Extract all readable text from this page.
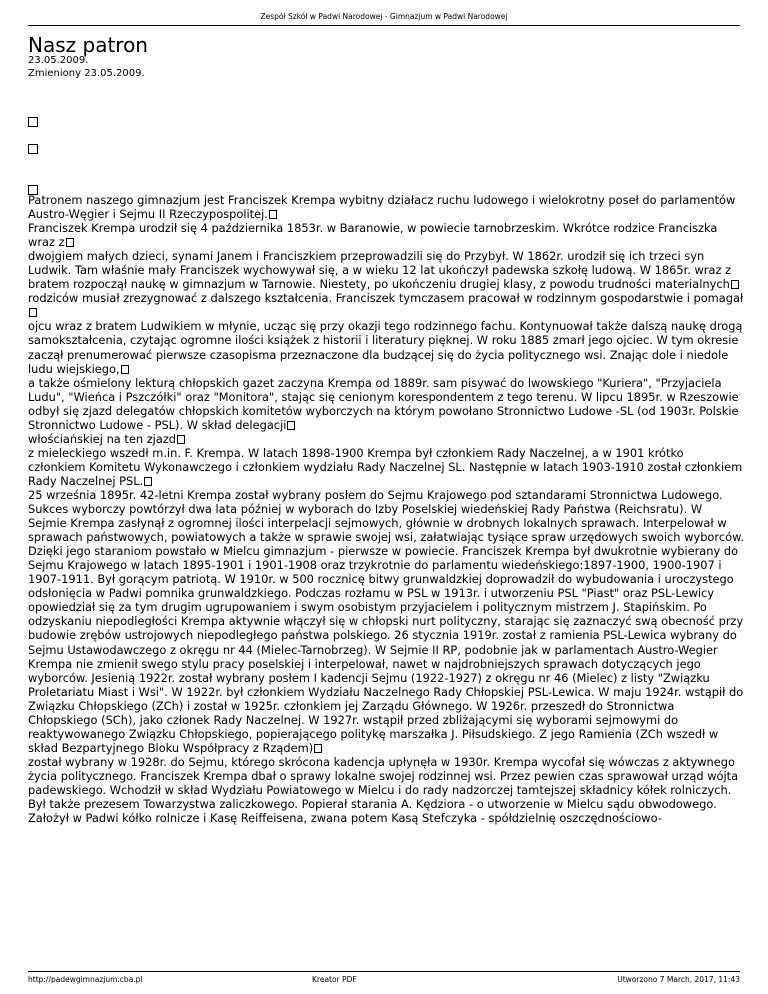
Zespół Szkół w Padwi Narodowej - Gimnazjum w Padwi Narodowej
Nasz patron
23.05.2009.
Zmieniony 23.05.2009.

Patronem naszego gimnazjum jest Franciszek Krempa wybitny działacz ruchu ludowego i wielokrotny poseł do parlamentów Austro-Węgier i Sejmu II Rzeczypospolitej.

Franciszek Krempa urodził się 4 października 1853r. w Baranowie, w powiecie tarnobrzeskim. Wkrótce rodzice Franciszka wraz z

dwojgiem małych dzieci, synami Janem i Franciszkiem przeprowadzili się do Przybył. W 1862r. urodził się ich trzeci syn Ludwik. Tam właśnie mały Franciszek wychowywał się, a w wieku 12 lat ukończył padewska szkołę ludową. W 1865r. wraz z bratem rozpoczął naukę w gimnazjum w Tarnowie. Niestety, po ukończeniu drugiej klasy, z powodu trudności materialnych

rodziców musiał zrezygnować z dalszego kształcenia. Franciszek tymczasem pracował w rodzinnym gospodarstwie i pomagał

ojcu wraz z bratem Ludwikiem w młynie, ucząc się przy okazji tego rodzinnego fachu. Kontynuował także dalszą naukę drogą samokształcenia, czytając ogromne ilości książek z historii i literatury pięknej. W roku 1885 zmarł jego ojciec. W tym okresie zaczął prenumerować pierwsze czasopisma przeznaczone dla budzącej się do życia politycznego wsi. Znając dole i niedole ludu wiejskiego,

a także ośmielony lekturą chłopskich gazet zaczyna Krempa od 1889r. sam pisywać do lwowskiego "Kuriera", "Przyjaciela Ludu", "Wieńca i Pszczółki" oraz "Monitora", stając się cenionym korespondentem z tego terenu. W lipcu 1895r. w Rzeszowie odbył się zjazd delegatów chłopskich komitetów wyborczych na którym powołano Stronnictwo Ludowe -SL (od 1903r. Polskie Stronnictwo Ludowe - PSL). W skład delegacji

włościańskiej na ten zjazd

z mieleckiego wszedł m.in. F. Krempa. W latach 1898-1900 Krempa był członkiem Rady Naczelnej, a w 1901 krótko członkiem Komitetu Wykonawczego i członkiem wydziału Rady Naczelnej SL. Następnie w latach 1903-1910 został członkiem Rady Naczelnej PSL.

25 września 1895r. 42-letni Krempa został wybrany posłem do Sejmu Krajowego pod sztandarami Stronnictwa Ludowego. Sukces wyborczy powtórzył dwa lata później w wyborach do Izby Poselskiej wiedeńskiej Rady Państwa (Reichsratu). W Sejmie Krempa zasłynął z ogromnej ilości interpelacji sejmowych, głównie w drobnych lokalnych sprawach. Interpelował w sprawach państwowych, powiatowych a także w sprawie swojej wsi, załatwiając tysiące spraw urzędowych swoich wyborców. Dzięki jego staraniom powstało w Mielcu gimnazjum - pierwsze w powiecie. Franciszek Krempa był dwukrotnie wybierany do Sejmu Krajowego w latach 1895-1901 i 1901-1908 oraz trzykrotnie do parlamentu wiedeńskiego:1897-1900, 1900-1907 i 1907-1911. Był gorącym patriotą. W 1910r. w 500 rocznicę bitwy grunwaldzkiej doprowadził do wybudowania i uroczystego odsłonięcia w Padwi pomnika grunwaldzkiego. Podczas rozłamu w PSL w 1913r. i utworzeniu PSL "Piast" oraz PSL-Lewicy opowiedział się za tym drugim ugrupowaniem i swym osobistym przyjacielem i politycznym mistrzem J. Stapińskim. Po odzyskaniu niepodległości Krempa aktywnie włączył się w chłopski nurt polityczny, starając się zaznaczyć swą obecność przy budowie zrębów ustrojowych niepodległego państwa polskiego. 26 stycznia 1919r. został z ramienia PSL-Lewica wybrany do Sejmu Ustawodawczego z okręgu nr 44 (Mielec-Tarnobrzeg). W Sejmie II RP, podobnie jak w parlamentach Austro-Wegier Krempa nie zmienił swego stylu pracy poselskiej i interpelował, nawet w najdrobniejszych sprawach dotyczących jego wyborców. Jesienią 1922r. został wybrany posłem I kadencji Sejmu (1922-1927) z okręgu nr 46 (Mielec) z listy "Związku Proletariatu Miast i Wsi". W 1922r. był członkiem Wydziału Naczelnego Rady Chłopskiej PSL-Lewica. W maju 1924r. wstąpił do Związku Chłopskiego (ZCh) i został w 1925r. członkiem jej Zarządu Głównego. W 1926r. przeszedł do Stronnictwa Chłopskiego (SCh), jako członek Rady Naczelnej. W 1927r. wstąpił przed zbliżającymi się wyborami sejmowymi do reaktywowanego Związku Chłopskiego, popierającego politykę marszałka J. Piłsudskiego. Z jego Ramienia (ZCh wszedł w skład Bezpartyjnego Bloku Współpracy z Rządem)

został wybrany w 1928r. do Sejmu, którego skrócona kadencja upłynęła w 1930r. Krempa wycofał się wówczas z aktywnego życia politycznego. Franciszek Krempa dbał o sprawy lokalne swojej rodzinnej wsi. Przez pewien czas sprawował urząd wójta padewskiego. Wchodził w skład Wydziału Powiatowego w Mielcu i do rady nadzorczej tamtejszej składnicy kółek rolniczych. Był także prezesem Towarzystwa zaliczkowego. Popierał starania A. Kędziora - o utworzenie w Mielcu sądu obwodowego. Założył w Padwi kółko rolnicze i Kasę Reiffeisena, zwana potem Kasą Stefczyka - spółdzielnię oszczędnościowo-

http://padewgimnazjum.cba.pl	Kreator PDF	Utworzono 7 March, 2017, 11:43
